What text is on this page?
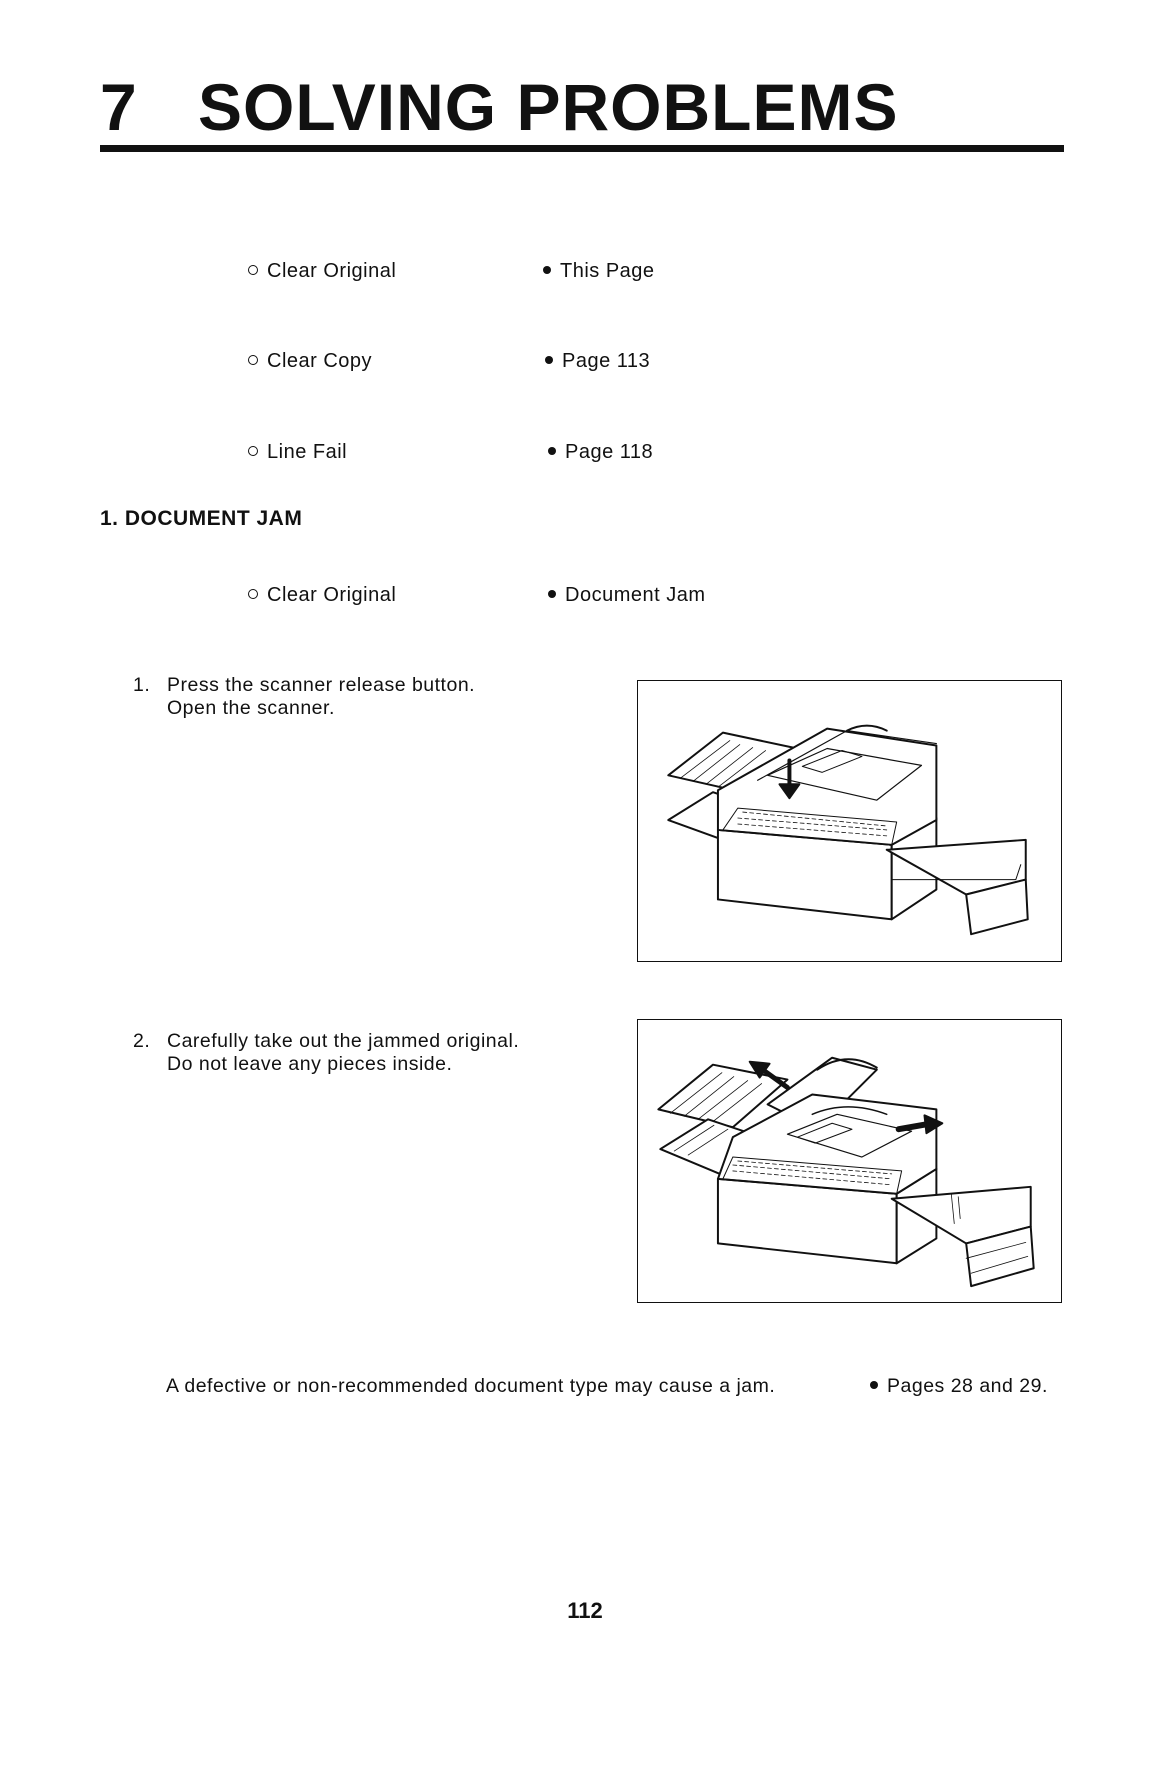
7 SOLVING PROBLEMS
Clear Original	This Page
Clear Copy	Page 113
Line Fail	Page 118
1. DOCUMENT JAM
Clear Original	Document Jam
1. Press the scanner release button.
Open the scanner.
2. Carefully take out the jammed original.
Do not leave any pieces inside.
A defective or non-recommended document type may cause a jam.	Pages 28 and 29.
112
